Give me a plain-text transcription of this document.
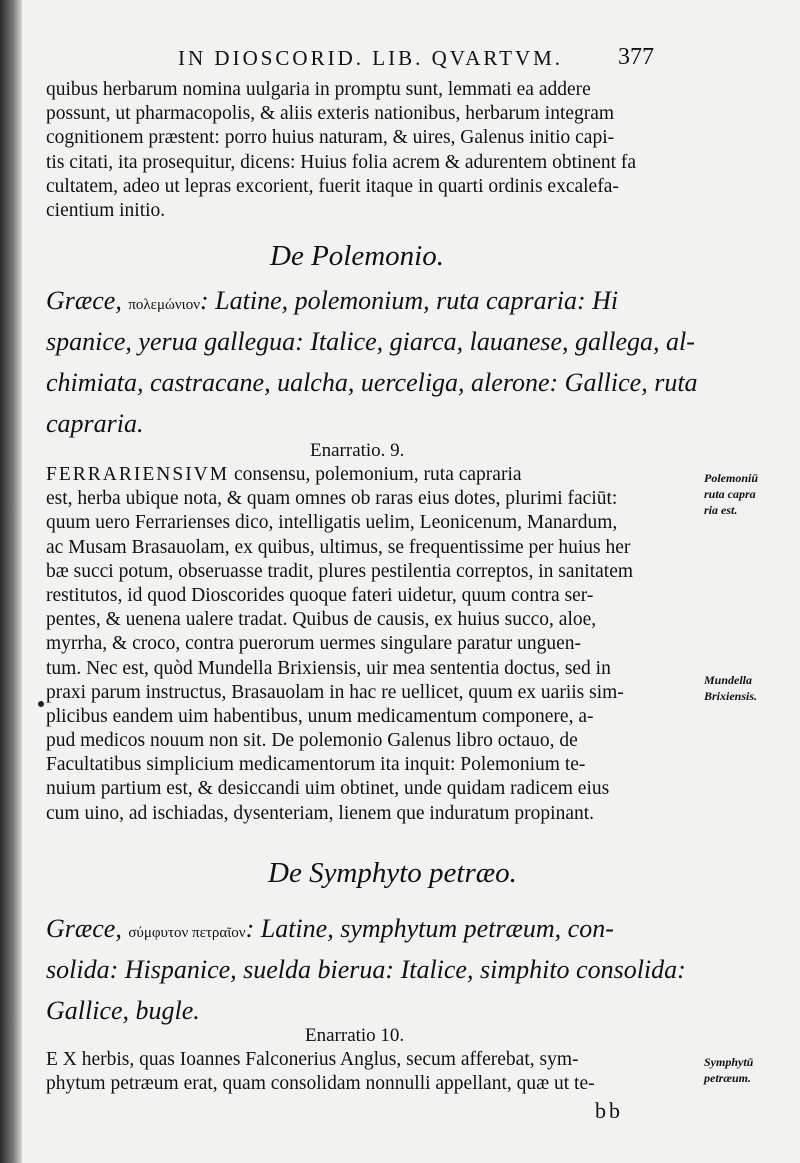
IN DIOSCORID. LIB. QVARTVM. 377
quibus herbarum nomina uulgaria in promptu sunt, lemmati ea addere
possunt, ut pharmacopolis, & aliis exteris nationibus, herbarum integram
cognitionem præstent: porro huius naturam, & uires, Galenus initio capi-
tis citati, ita prosequitur, dicens: Huius folia acrem & adurentem obtinent fa
cultatem, adeo ut lepras excorient, fuerit itaque in quarti ordinis excalefa-
cientium initio.
De Polemonio.
Græce, πολεμώνιον: Latine, polemonium, ruta capraria: Hi
spanice, yerua gallegua: Italice, giarca, lauanese, gallega, al-
chimiata, castracane, ualcha, uerceliga, alerone: Gallice, ruta
capraria.
Enarratio. 9.
FERRARIENSIVM consensu, polemonium, ruta capraria
est, herba ubique nota, & quam omnes ob raras eius dotes, plurimi faciūt:
quum uero Ferrarienses dico, intelligatis uelim, Leonicenum, Manardum,
ac Musam Brasauolam, ex quibus, ultimus, se frequentissime per huius her
bæ succi potum, obseruasse tradit, plures pestilentia correptos, in sanitatem
restitutos, id quod Dioscorides quoque fateri uidetur, quum contra ser-
pentes, & uenena ualere tradat. Quibus de causis, ex huius succo, aloe,
myrrha, & croco, contra puerorum uermes singulare paratur unguen-
tum. Nec est, quòd Mundella Brixiensis, uir mea sententia doctus, sed in
praxi parum instructus, Brasauolam in hac re uellicet, quum ex uariis sim-
plicibus eandem uim habentibus, unum medicamentum componere, a-
pud medicos nouum non sit. De polemonio Galenus libro octauo, de
Facultatibus simplicium medicamentorum ita inquit: Polemonium te-
nuium partium est, & desiccandi uim obtinet, unde quidam radicem eius
cum uino, ad ischiadas, dysenteriam, lienem que induratum propinant.
De Symphyto petræo.
Græce, σύμφυτον πετραῖον: Latine, symphytum petræum, con-
solida: Hispanice, suelda bierua: Italice, simphito consolida:
Gallice, bugle.
Enarratio 10.
E X herbis, quas Ioannes Falconerius Anglus, secum afferebat, sym-
phytum petræum erat, quam consolidam nonnulli appellant, quæ ut te-
Polemoniū
ruta capra
ria est.
Mundella
Brixiensis.
Symphytū
petræum.
bb
